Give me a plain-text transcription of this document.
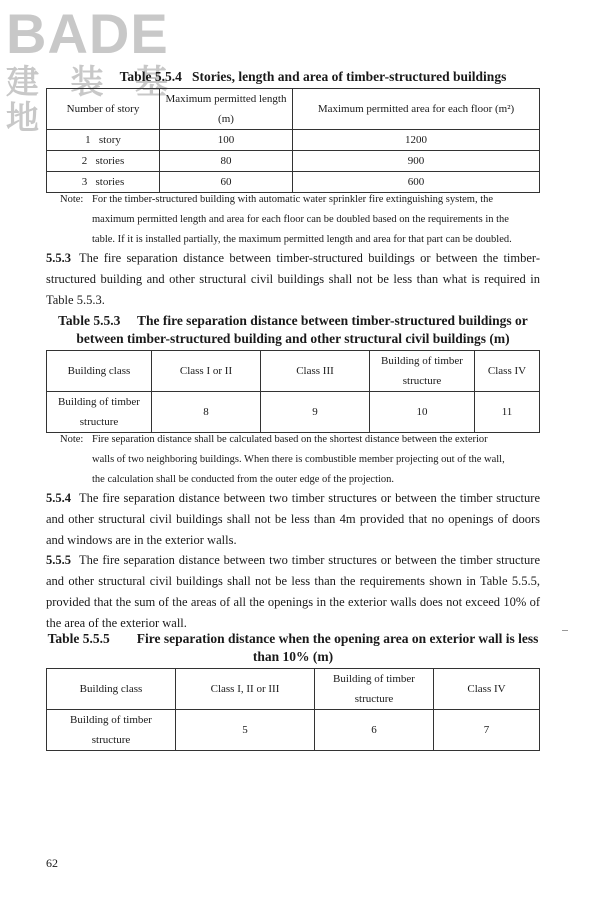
BADE
建 装 基 地
Table 5.5.4   Stories, length and area of timber-structured buildings
Number of story	Maximum permitted length (m)	Maximum permitted area for each floor (m²)
1   story	100	1200
2   stories	80	900
3   stories	60	600
Note: For the timber-structured building with automatic water sprinkler fire extinguishing system, the
maximum permitted length and area for each floor can be doubled based on the requirements in the
table. If it is installed partially, the maximum permitted length and area for that part can be doubled.
5.5.3 The fire separation distance between timber-structured buildings or between the timber-structured building and other structural civil buildings shall not be less than what is required in Table 5.5.3.
Table 5.5.3     The fire separation distance between timber-structured buildings or
between timber-structured building and other structural civil buildings (m)
Building class	Class I or II	Class III	Building of timber structure	Class IV
Building of timber structure	8	9	10	11
Note: Fire separation distance shall be calculated based on the shortest distance between the exterior
walls of two neighboring buildings. When there is combustible member projecting out of the wall,
the calculation shall be conducted from the outer edge of the projection.
5.5.4 The fire separation distance between two timber structures or between the timber structure and other structural civil buildings shall not be less than 4m provided that no openings of doors and windows are in the exterior walls.
5.5.5 The fire separation distance between two timber structures or between the timber structure and other structural civil buildings shall not be less than the requirements shown in Table 5.5.5, provided that the sum of the areas of all the openings in the exterior walls does not exceed 10% of the area of the exterior wall.
Table 5.5.5        Fire separation distance when the opening area on exterior wall is less
than 10% (m)
Building class	Class I, II or III	Building of timber structure	Class IV
Building of timber structure	5	6	7
62
